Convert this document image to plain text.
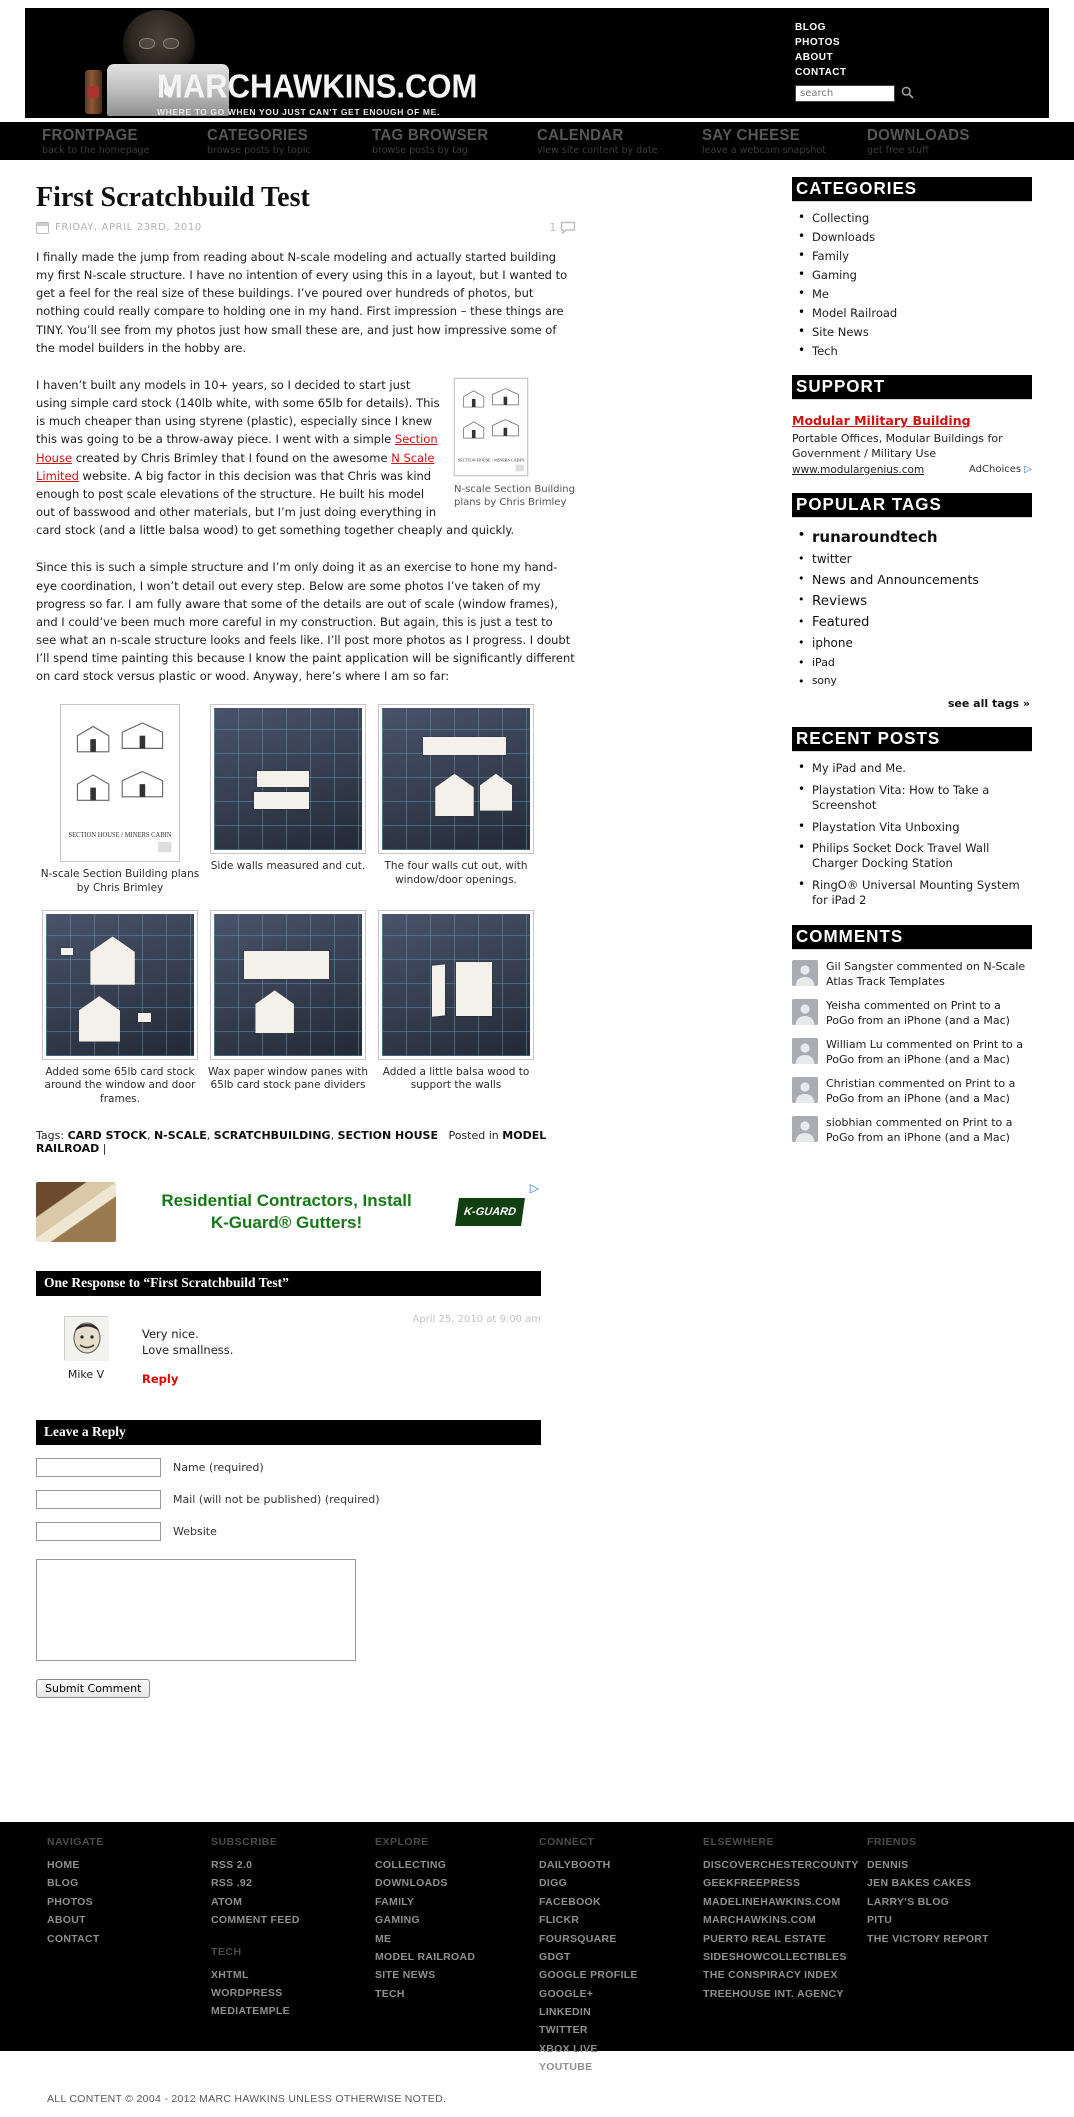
MARCHAWKINS.COM
WHERE TO GO WHEN YOU JUST CAN'T GET ENOUGH OF ME.
BLOG
PHOTOS
ABOUT
CONTACT
search
FRONTPAGE
back to the homepage
CATEGORIES
browse posts by topic
TAG BROWSER
browse posts by tag
CALENDAR
view site content by date
SAY CHEESE
leave a webcam snapshot
DOWNLOADS
get free stuff
First Scratchbuild Test
FRIDAY, APRIL 23RD, 2010	1

I finally made the jump from reading about N-scale modeling and actually started building my first N-scale structure. I have no intention of every using this in a layout, but I wanted to get a feel for the real size of these buildings. I’ve poured over hundreds of photos, but nothing could really compare to holding one in my hand. First impression – these things are TINY. You’ll see from my photos just how small these are, and just how impressive some of the model builders in the hobby are.

SECTION HOUSE / MINERS CABIN
N-scale Section Building plans by Chris Brimley

I haven’t built any models in 10+ years, so I decided to start just using simple card stock (140lb white, with some 65lb for details). This is much cheaper than using styrene (plastic), especially since I knew this was going to be a throw-away piece. I went with a simple Section House created by Chris Brimley that I found on the awesome N Scale Limited website. A big factor in this decision was that Chris was kind enough to post scale elevations of the structure. He built his model out of basswood and other materials, but I’m just doing everything in card stock (and a little balsa wood) to get something together cheaply and quickly.

Since this is such a simple structure and I’m only doing it as an exercise to hone my hand-eye coordination, I won’t detail out every step. Below are some photos I’ve taken of my progress so far. I am fully aware that some of the details are out of scale (window frames), and I could’ve been much more careful in my construction. But again, this is just a test to see what an n-scale structure looks and feels like. I’ll post more photos as I progress. I doubt I’ll spend time painting this because I know the paint application will be significantly different on card stock versus plastic or wood. Anyway, here’s where I am so far:

SECTION HOUSE / MINERS CABIN
N-scale Section Building plans by Chris Brimley
Side walls measured and cut.	The four walls cut out, with window/door openings.
Added some 65lb card stock around the window and door frames.
Wax paper window panes with 65lb card stock pane dividers
Added a little balsa wood to support the walls
Tags: CARD STOCK, N-SCALE, SCRATCHBUILDING, SECTION HOUSE   Posted in MODEL RAILROAD |
Residential Contractors, Install
K-Guard® Gutters!
K-GUARD
▷
One Response to “First Scratchbuild Test”
April 25, 2010 at 9:00 am
Mike V
Very nice.
Love smallness.
Reply
Leave a Reply
Name (required)
Mail (will not be published) (required)
Website
Submit Comment
CATEGORIES
• Collecting
• Downloads
• Family
• Gaming
• Me
• Model Railroad
• Site News
• Tech
SUPPORT
Modular Military Building
Portable Offices, Modular Buildings for Government / Military Use
www.modulargenius.com	AdChoices ▷
POPULAR TAGS
• runaroundtech
• twitter
• News and Announcements
• Reviews
• Featured
• iphone
• iPad
• sony
see all tags »
RECENT POSTS
• My iPad and Me.
• Playstation Vita: How to Take a Screenshot
• Playstation Vita Unboxing
• Philips Socket Dock Travel Wall Charger Docking Station
• RingO® Universal Mounting System for iPad 2
COMMENTS
Gil Sangster commented on N-Scale Atlas Track Templates
Yeisha commented on Print to a PoGo from an iPhone (and a Mac)
William Lu commented on Print to a PoGo from an iPhone (and a Mac)
Christian commented on Print to a PoGo from an iPhone (and a Mac)
siobhian commented on Print to a PoGo from an iPhone (and a Mac)
NAVIGATE
HOME
BLOG
PHOTOS
ABOUT
CONTACT
SUBSCRIBE
RSS 2.0
RSS .92
ATOM
COMMENT FEED
TECH
XHTML
WORDPRESS
MEDIATEMPLE
EXPLORE
COLLECTING
DOWNLOADS
FAMILY
GAMING
ME
MODEL RAILROAD
SITE NEWS
TECH
CONNECT
DAILYBOOTH
DIGG
FACEBOOK
FLICKR
FOURSQUARE
GDGT
GOOGLE PROFILE
GOOGLE+
LINKEDIN
TWITTER
XBOX LIVE
YOUTUBE
ELSEWHERE
DISCOVERCHESTERCOUNTY
GEEKFREEPRESS
MADELINEHAWKINS.COM
MARCHAWKINS.COM
PUERTO REAL ESTATE
SIDESHOWCOLLECTIBLES
THE CONSPIRACY INDEX
TREEHOUSE INT. AGENCY
FRIENDS
DENNIS
JEN BAKES CAKES
LARRY'S BLOG
PITU
THE VICTORY REPORT
ALL CONTENT © 2004 - 2012 MARC HAWKINS UNLESS OTHERWISE NOTED.
